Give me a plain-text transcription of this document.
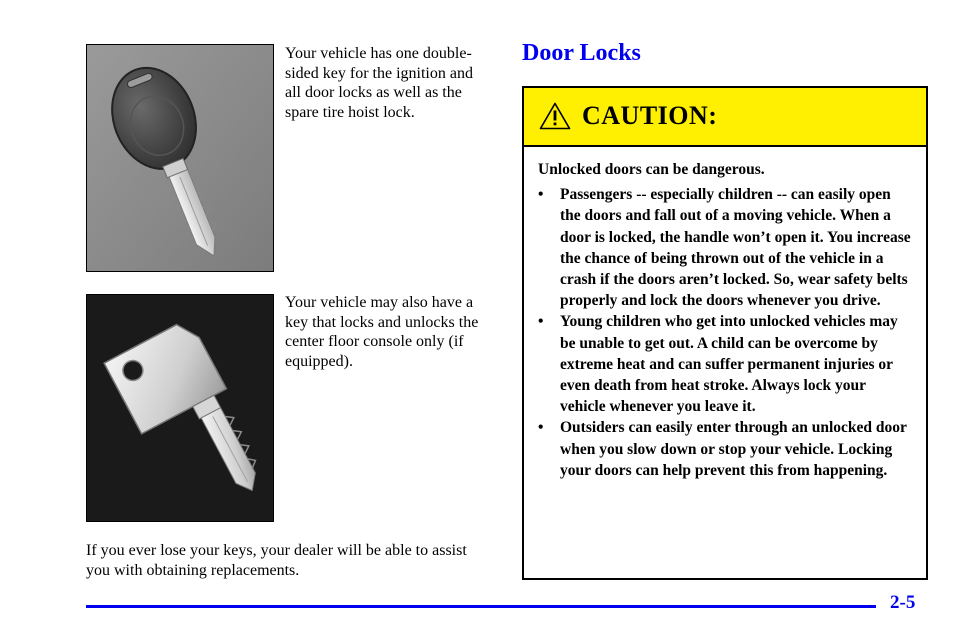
Your vehicle has one double-sided key for the ignition and all door locks as well as the spare tire hoist lock.
Your vehicle may also have a key that locks and unlocks the center floor console only (if equipped).
If you ever lose your keys, your dealer will be able to assist you with obtaining replacements.
Door Locks
CAUTION:

Unlocked doors can be dangerous.

• Passengers -- especially children -- can easily open the doors and fall out of a moving vehicle. When a door is locked, the handle won’t open it. You increase the chance of being thrown out of the vehicle in a crash if the doors aren’t locked. So, wear safety belts properly and lock the doors whenever you drive.
• Young children who get into unlocked vehicles may be unable to get out. A child can be overcome by extreme heat and can suffer permanent injuries or even death from heat stroke. Always lock your vehicle whenever you leave it.
• Outsiders can easily enter through an unlocked door when you slow down or stop your vehicle. Locking your doors can help prevent this from happening.
2-5
